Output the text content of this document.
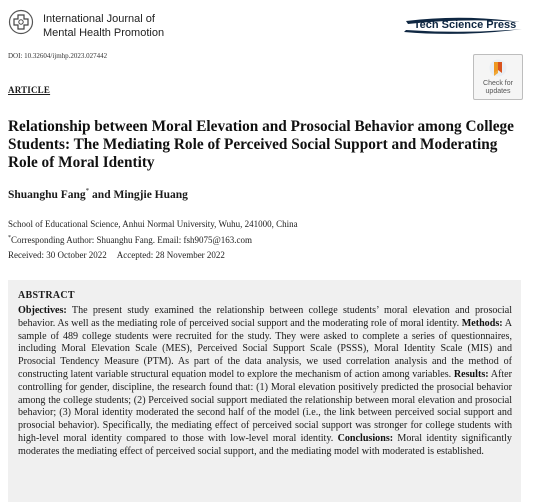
International Journal of
Mental Health Promotion
Tech Science Press
DOI: 10.32604/ijmhp.2023.027442
Check for
updates
ARTICLE
Relationship between Moral Elevation and Prosocial Behavior among College Students: The Mediating Role of Perceived Social Support and Moderating Role of Moral Identity
Shuanghu Fang* and Mingjie Huang
School of Educational Science, Anhui Normal University, Wuhu, 241000, China
*Corresponding Author: Shuanghu Fang. Email: fsh9075@163.com
Received: 30 October 2022 Accepted: 28 November 2022
ABSTRACT
Objectives: The present study examined the relationship between college students’ moral elevation and prosocial behavior. As well as the mediating role of perceived social support and the moderating role of moral identity. Methods: A sample of 489 college students were recruited for the study. They were asked to complete a series of questionnaires, including Moral Elevation Scale (MES), Perceived Social Support Scale (PSSS), Moral Identity Scale (MIS) and Prosocial Tendency Measure (PTM). As part of the data analysis, we used correlation analysis and the method of constructing latent variable structural equation model to explore the mechanism of action among variables. Results: After controlling for gender, discipline, the research found that: (1) Moral elevation positively predicted the prosocial behavior among the college students; (2) Perceived social support mediated the relationship between moral elevation and prosocial behavior; (3) Moral identity moderated the second half of the model (i.e., the link between perceived social support and prosocial behavior). Specifically, the mediating effect of perceived social support was stronger for college students with high-level moral identity compared to those with low-level moral identity. Conclusions: Moral identity significantly moderates the mediating effect of perceived social support, and the mediating model with moderated is established.
